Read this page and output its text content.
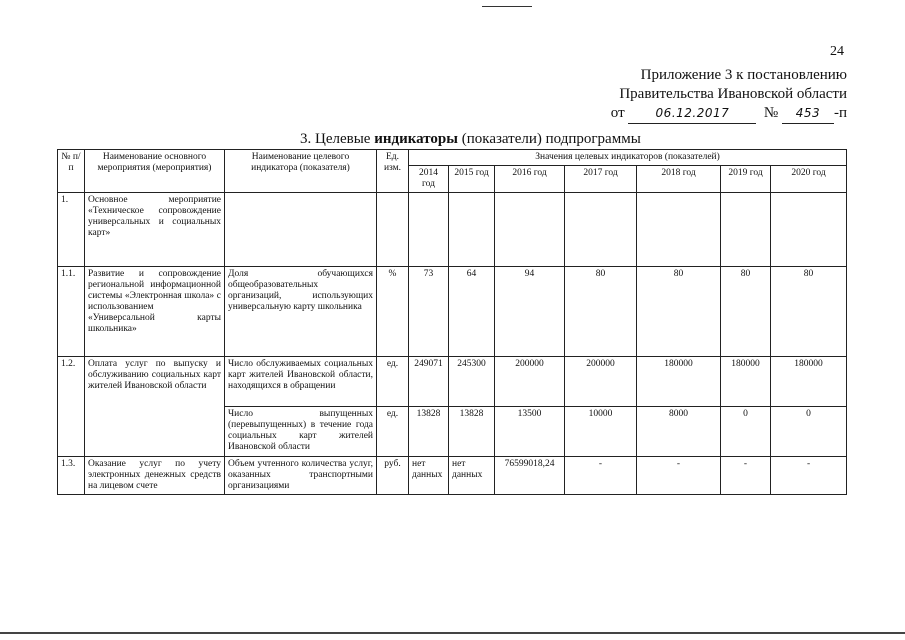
24
Приложение 3 к постановлению
Правительства Ивановской области
от	06.12.2017 № 453 -п
3. Целевые индикаторы (показатели) подпрограммы
№ п/п	Наименование основного мероприятия (мероприятия)	Наименование целевого индикатора (показателя)	Ед. изм.	Значения целевых индикаторов (показателей)						
				2014 год	2015 год	2016 год	2017 год	2018 год	2019 год	2020 год
1.	Основное мероприятие «Техническое сопровождение универсальных и социальных карт»									
1.1.	Развитие и сопровождение региональной информационной системы «Электронная школа» с использованием «Универсальной карты школьника»	Доля обучающихся общеобразовательных организаций, использующих универсальную карту школьника	%	73	64	94	80	80	80	80
1.2.	Оплата услуг по выпуску и обслуживанию социальных карт жителей Ивановской области	Число обслуживаемых социальных карт жителей Ивановской области, находящихся в обращении	ед.	249071	245300	200000	200000	180000	180000	180000
		Число выпущенных (перевыпущенных) в течение года социальных карт жителей Ивановской области	ед.	13828	13828	13500	10000	8000	0	0
1.3.	Оказание услуг по учету электронных денежных средств на лицевом счете	Объем учтенного количества услуг, оказанных транспортными организациями	руб.	нет данных	нет данных	76599018,24	-	-	-	-
